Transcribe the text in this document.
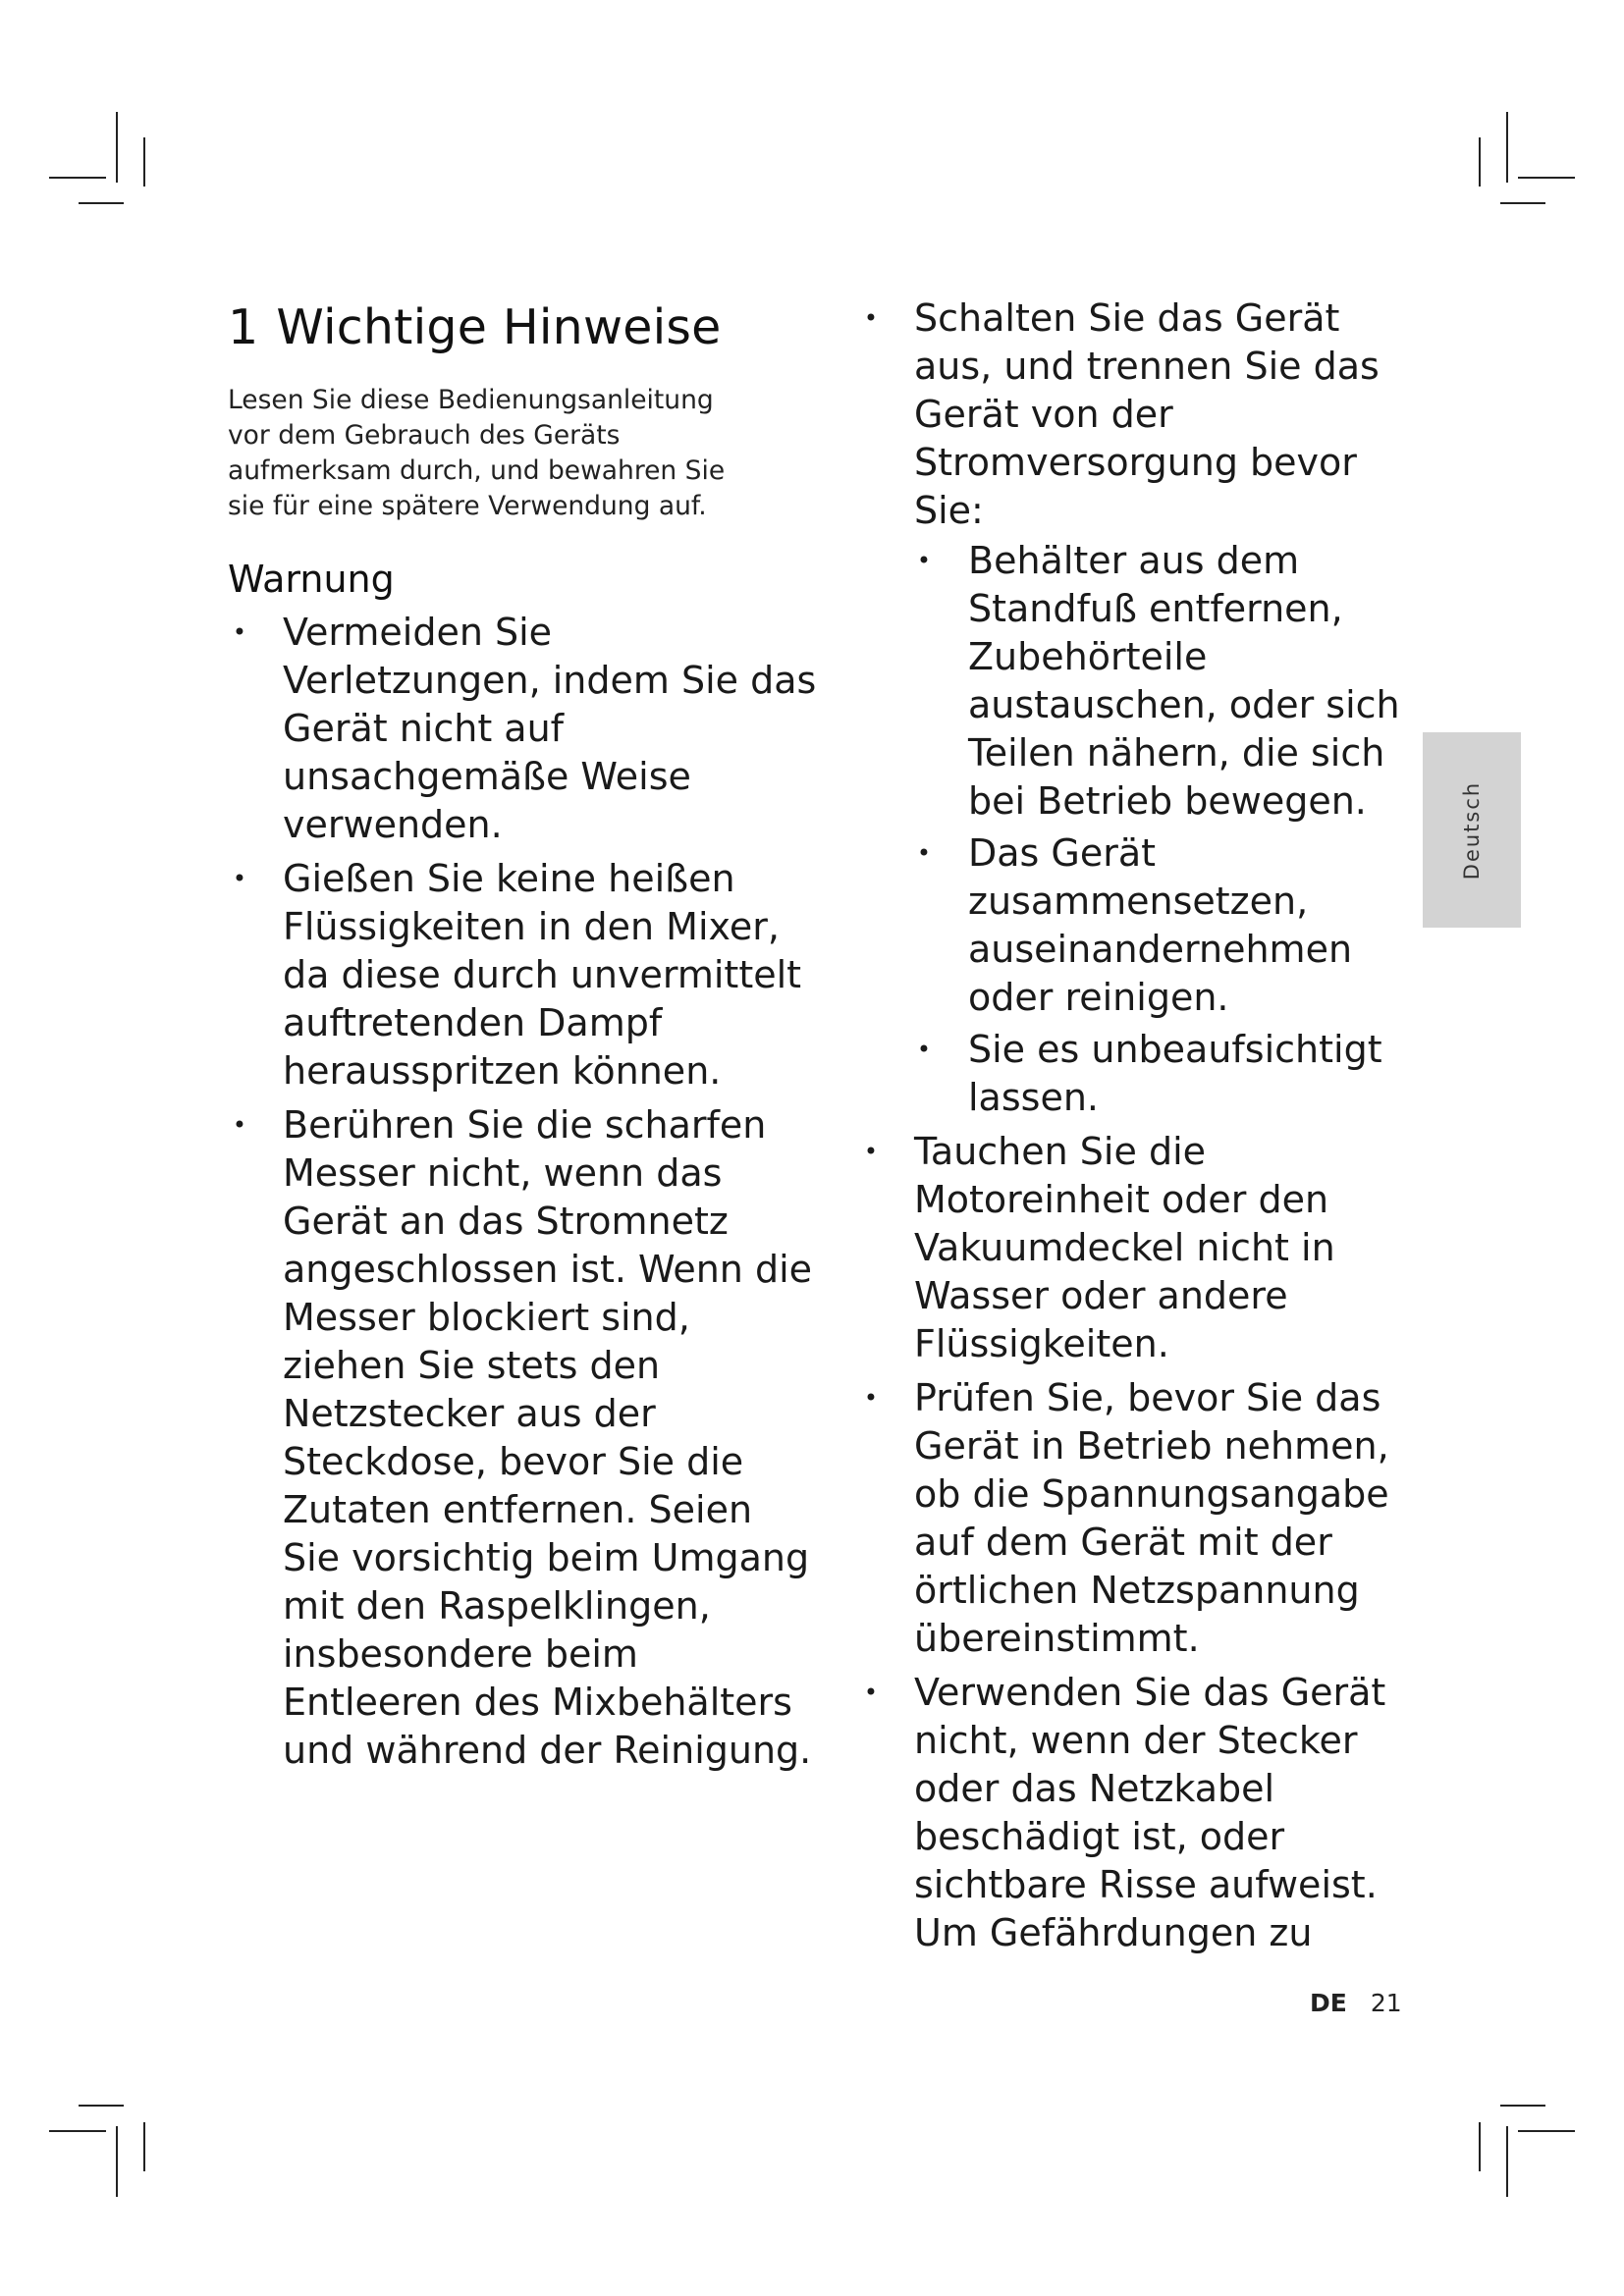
1 Wichtige Hinweise

Lesen Sie diese Bedienungsanleitung vor dem Gebrauch des Geräts aufmerksam durch, und bewahren Sie sie für eine spätere Verwendung auf.

Warnung
• Vermeiden Sie Verletzungen, indem Sie das Gerät nicht auf unsachgemäße Weise verwenden.
• Gießen Sie keine heißen Flüssigkeiten in den Mixer, da diese durch unvermittelt auftretenden Dampf herausspritzen können.
• Berühren Sie die scharfen Messer nicht, wenn das Gerät an das Stromnetz angeschlossen ist. Wenn die Messer blockiert sind, ziehen Sie stets den Netzstecker aus der Steckdose, bevor Sie die Zutaten entfernen. Seien Sie vorsichtig beim Umgang mit den Raspelklingen, insbesondere beim Entleeren des Mixbehälters und während der Reinigung.
• Schalten Sie das Gerät aus, und trennen Sie das Gerät von der Stromversorgung bevor Sie:
• Behälter aus dem Standfuß entfernen, Zubehörteile austauschen, oder sich Teilen nähern, die sich bei Betrieb bewegen.
• Das Gerät zusammensetzen, auseinandernehmen oder reinigen.
• Sie es unbeaufsichtigt lassen.
• Tauchen Sie die Motoreinheit oder den Vakuumdeckel nicht in Wasser oder andere Flüssigkeiten.
• Prüfen Sie, bevor Sie das Gerät in Betrieb nehmen, ob die Spannungsangabe auf dem Gerät mit der örtlichen Netzspannung übereinstimmt.
• Verwenden Sie das Gerät nicht, wenn der Stecker oder das Netzkabel beschädigt ist, oder sichtbare Risse aufweist. Um Gefährdungen zu
Deutsch
DE 21
